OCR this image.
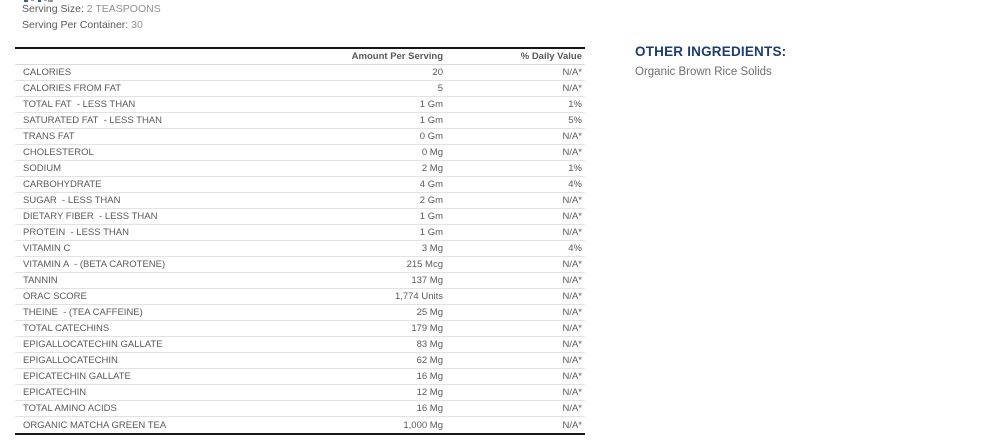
Serving Size: 2 TEASPOONS
Serving Per Container: 30
Amount Per Serving	% Daily Value
CALORIES	20	N/A*
CALORIES FROM FAT	5	N/A*
TOTAL FAT  - LESS THAN	1 Gm	1%
SATURATED FAT  - LESS THAN	1 Gm	5%
TRANS FAT	0 Gm	N/A*
CHOLESTEROL	0 Mg	N/A*
SODIUM	2 Mg	1%
CARBOHYDRATE	4 Gm	4%
SUGAR  - LESS THAN	2 Gm	N/A*
DIETARY FIBER  - LESS THAN	1 Gm	N/A*
PROTEIN  - LESS THAN	1 Gm	N/A*
VITAMIN C	3 Mg	4%
VITAMIN A  - (BETA CAROTENE)	215 Mcg	N/A*
TANNIN	137 Mg	N/A*
ORAC SCORE	1,774 Units	N/A*
THEINE  - (TEA CAFFEINE)	25 Mg	N/A*
TOTAL CATECHINS	179 Mg	N/A*
EPIGALLOCATECHIN GALLATE	83 Mg	N/A*
EPIGALLOCATECHIN	62 Mg	N/A*
EPICATECHIN GALLATE	16 Mg	N/A*
EPICATECHIN	12 Mg	N/A*
TOTAL AMINO ACIDS	16 Mg	N/A*
ORGANIC MATCHA GREEN TEA	1,000 Mg	N/A*
OTHER INGREDIENTS:
Organic Brown Rice Solids
